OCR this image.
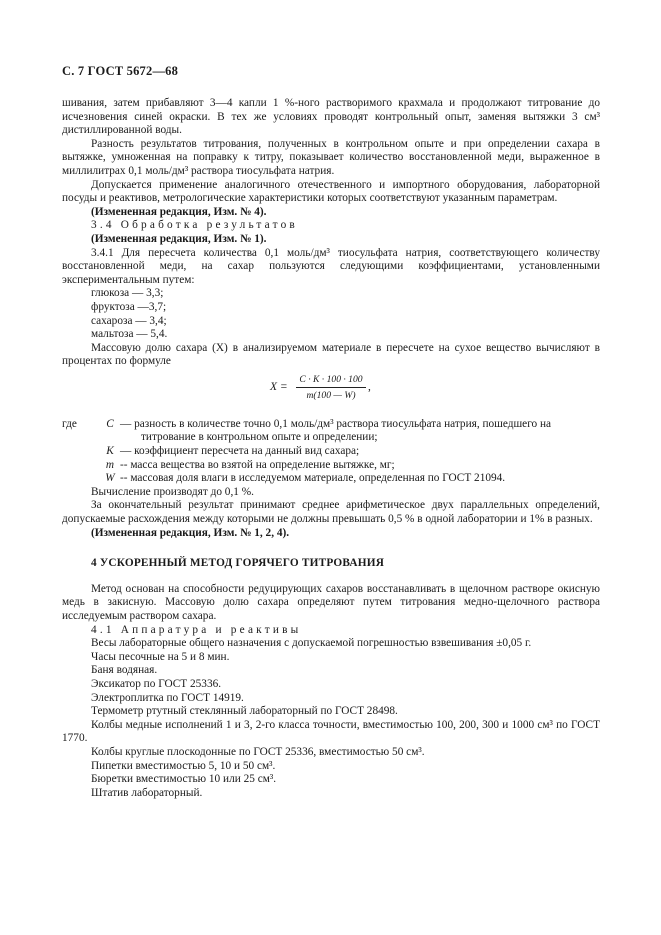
С. 7 ГОСТ 5672—68

шивания, затем прибавляют 3—4 капли 1 %-ного растворимого крахмала и продолжают титрование до исчезновения синей окраски. В тех же условиях проводят контрольный опыт, заменяя вытяжки 3 см³ дистиллированной воды.

Разность результатов титрования, полученных в контрольном опыте и при определении сахара в вытяжке, умноженная на поправку к титру, показывает количество восстановленной меди, выраженное в миллилитрах 0,1 моль/дм³ раствора тиосульфата натрия.

Допускается применение аналогичного отечественного и импортного оборудования, лабораторной посуды и реактивов, метрологические характеристики которых соответствуют указанным параметрам.

(Измененная редакция, Изм. № 4).

3.4 Обработка результатов

(Измененная редакция, Изм. № 1).

3.4.1 Для пересчета количества 0,1 моль/дм³ тиосульфата натрия, соответствующего количеству восстановленной меди, на сахар пользуются следующими коэффициентами, установленными экспериментальным путем:

глюкоза — 3,3;

фруктоза —3,7;

сахароза — 3,4;

мальтоза — 5,4.

Массовую долю сахара (X) в анализируемом материале в пересчете на сухое вещество вычисляют в процентах по формуле

$X = \frac{C \cdot K \cdot 100 \cdot 100}{m(100 — W)}$ ,
где	C — разность в количестве точно 0,1 моль/дм³ раствора тиосульфата натрия, пошедшего на

титрование в контрольном опыте и определении;

K — коэффициент пересчета на данный вид сахара;
m -- масса вещества во взятой на определение вытяжке, мг;
W -- массовая доля влаги в исследуемом материале, определенная по ГОСТ 21094.

Вычисление производят до 0,1 %.

За окончательный результат принимают среднее арифметическое двух параллельных определений, допускаемые расхождения между которыми не должны превышать 0,5 % в одной лаборатории и 1% в разных.

(Измененная редакция, Изм. № 1, 2, 4).

4 УСКОРЕННЫЙ МЕТОД ГОРЯЧЕГО ТИТРОВАНИЯ

Метод основан на способности редуцирующих сахаров восстанавливать в щелочном растворе окисную медь в закисную. Массовую долю сахара определяют путем титрования медно-щелочного раствора исследуемым раствором сахара.

4.1 Аппаратура и реактивы

Весы лабораторные общего назначения с допускаемой погрешностью взвешивания ±0,05 г.

Часы песочные на 5 и 8 мин.

Баня водяная.

Эксикатор по ГОСТ 25336.

Электроплитка по ГОСТ 14919.

Термометр ртутный стеклянный лабораторный по ГОСТ 28498.

Колбы медные исполнений 1 и 3, 2-го класса точности, вместимостью 100, 200, 300 и 1000 см³ по ГОСТ 1770.

Колбы круглые плоскодонные по ГОСТ 25336, вместимостью 50 см³.

Пипетки вместимостью 5, 10 и 50 см³.

Бюретки вместимостью 10 или 25 см³.

Штатив лабораторный.
